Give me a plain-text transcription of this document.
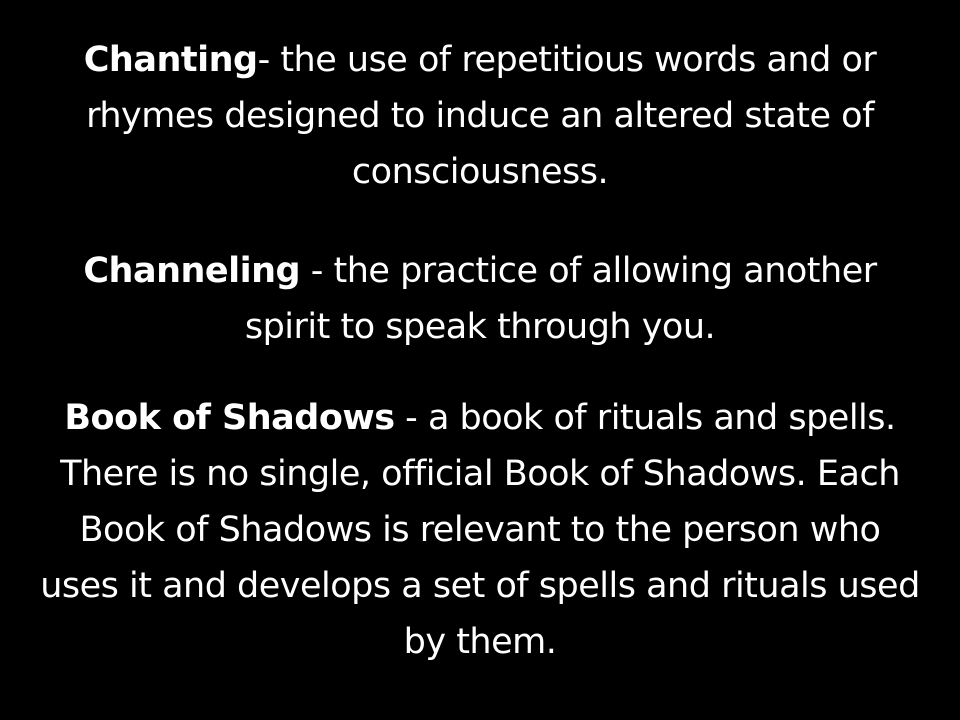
Chanting- the use of repetitious words and or rhymes designed to induce an altered state of consciousness.

Channeling - the practice of allowing another spirit to speak through you.

Book of Shadows - a book of rituals and spells. There is no single, official Book of Shadows. Each Book of Shadows is relevant to the person who uses it and develops a set of spells and rituals used by them.
